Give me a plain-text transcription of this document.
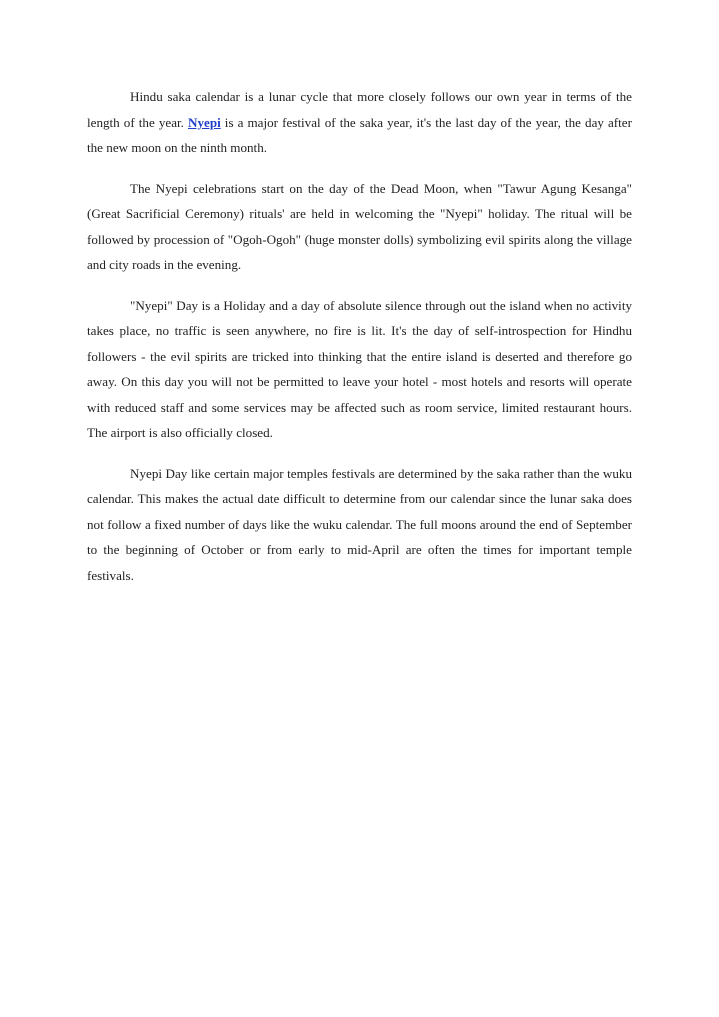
Hindu saka calendar is a lunar cycle that more closely follows our own year in terms of the length of the year. Nyepi is a major festival of the saka year, it's the last day of the year, the day after the new moon on the ninth month.

The Nyepi celebrations start on the day of the Dead Moon, when "Tawur Agung Kesanga" (Great Sacrificial Ceremony) rituals' are held in welcoming the "Nyepi" holiday. The ritual will be followed by procession of "Ogoh-Ogoh" (huge monster dolls) symbolizing evil spirits along the village and city roads in the evening.

"Nyepi" Day is a Holiday and a day of absolute silence through out the island when no activity takes place, no traffic is seen anywhere, no fire is lit. It's the day of self-introspection for Hindhu followers - the evil spirits are tricked into thinking that the entire island is deserted and therefore go away. On this day you will not be permitted to leave your hotel - most hotels and resorts will operate with reduced staff and some services may be affected such as room service, limited restaurant hours. The airport is also officially closed.

Nyepi Day like certain major temples festivals are determined by the saka rather than the wuku calendar. This makes the actual date difficult to determine from our calendar since the lunar saka does not follow a fixed number of days like the wuku calendar. The full moons around the end of September to the beginning of October or from early to mid-April are often the times for important temple festivals.
